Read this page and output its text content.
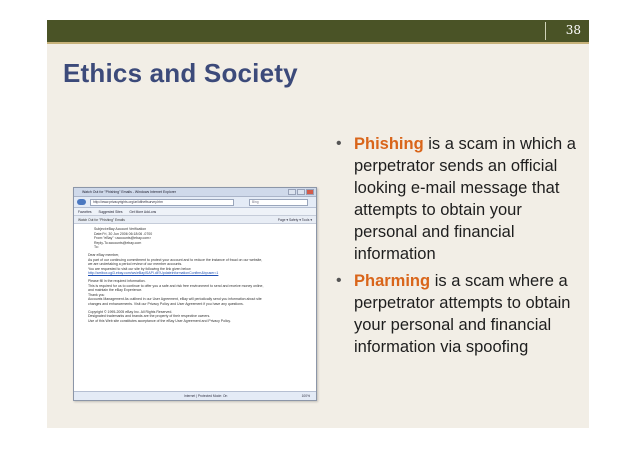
38
Ethics and Society
Watch Out for "Phishing" Emails - Windows Internet Explorer
http://www.privacyrights.org/ar/idtheftsurvey.htm	Bing
Favorites Suggested Sites Get More Add-ons
Watch Out for "Phishing" Emails	Page ▾ Safety ▾ Tools ▾
Subject:eBay Account Verification
Date:Fri, 30 Jun 2006 06:18:06 -0700
From:"eBay" <accounts@ebay.com>
Reply-To:accounts@ebay.com
To:

Dear eBay member,
As part of our continuing commitment to protect your account and to reduce the instance of fraud on our website,
we are undertaking a period review of our member accounts.
You are requested to visit our site by following the link given below
http://arribox.cgi3.ebay.com/ws/eBayISAPI.dll?UpdateInformationConfirm&bpuser=1

Please fill in the required information.
This is required for us to continue to offer you a safe and risk free environment to send and receive money online,
and maintain the eBay Experience.
Thank you
Accounts Management As outlined in our User Agreement, eBay will periodically send you information about site
changes and enhancements. Visit our Privacy Policy and User Agreement if you have any questions.

Copyright © 1995-2005 eBay Inc. All Rights Reserved.
Designated trademarks and brands are the property of their respective owners.
Use of this Web site constitutes acceptance of the eBay User Agreement and Privacy Policy.

Internet | Protected Mode: On	100%
• Phishing is a scam in which a perpetrator sends an official looking e-mail message that attempts to obtain your personal and financial information
• Pharming is a scam where a perpetrator attempts to obtain your personal and financial information via spoofing
